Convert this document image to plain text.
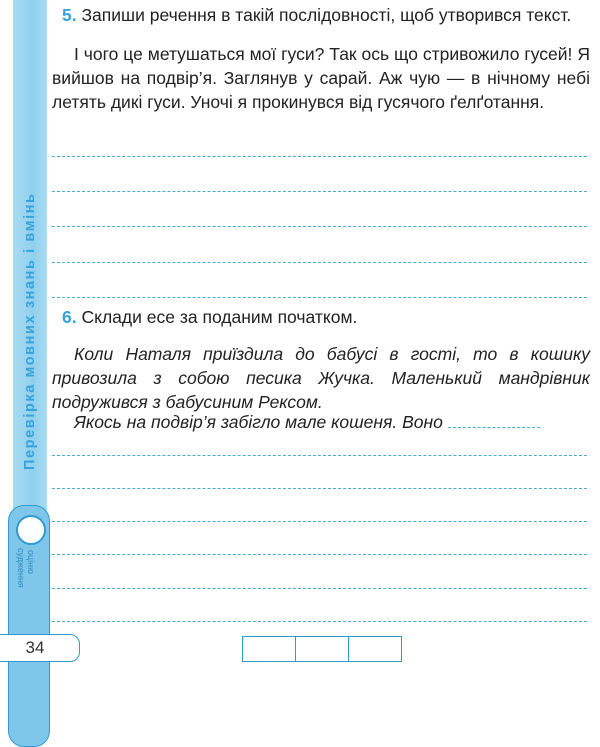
Перевірка мовних знань і вмінь
оціню
судження
34
5. Запиши речення в такій послідовності, щоб утворився текст.
І чого це метушаться мої гуси? Так ось що стривожило гусей! Я вийшов на подвір’я. Заглянув у сарай. Аж чую — в нічному небі летять дикі гуси. Уночі я прокинувся від гусячого ґелґотання.
6. Склади есе за поданим початком.
Коли Наталя приїздила до бабусі в гості, то в кошику привозила з собою песика Жучка. Маленький мандрівник подружився з бабусиним Рексом.
Якось на подвір’я забігло мале кошеня. Воно
